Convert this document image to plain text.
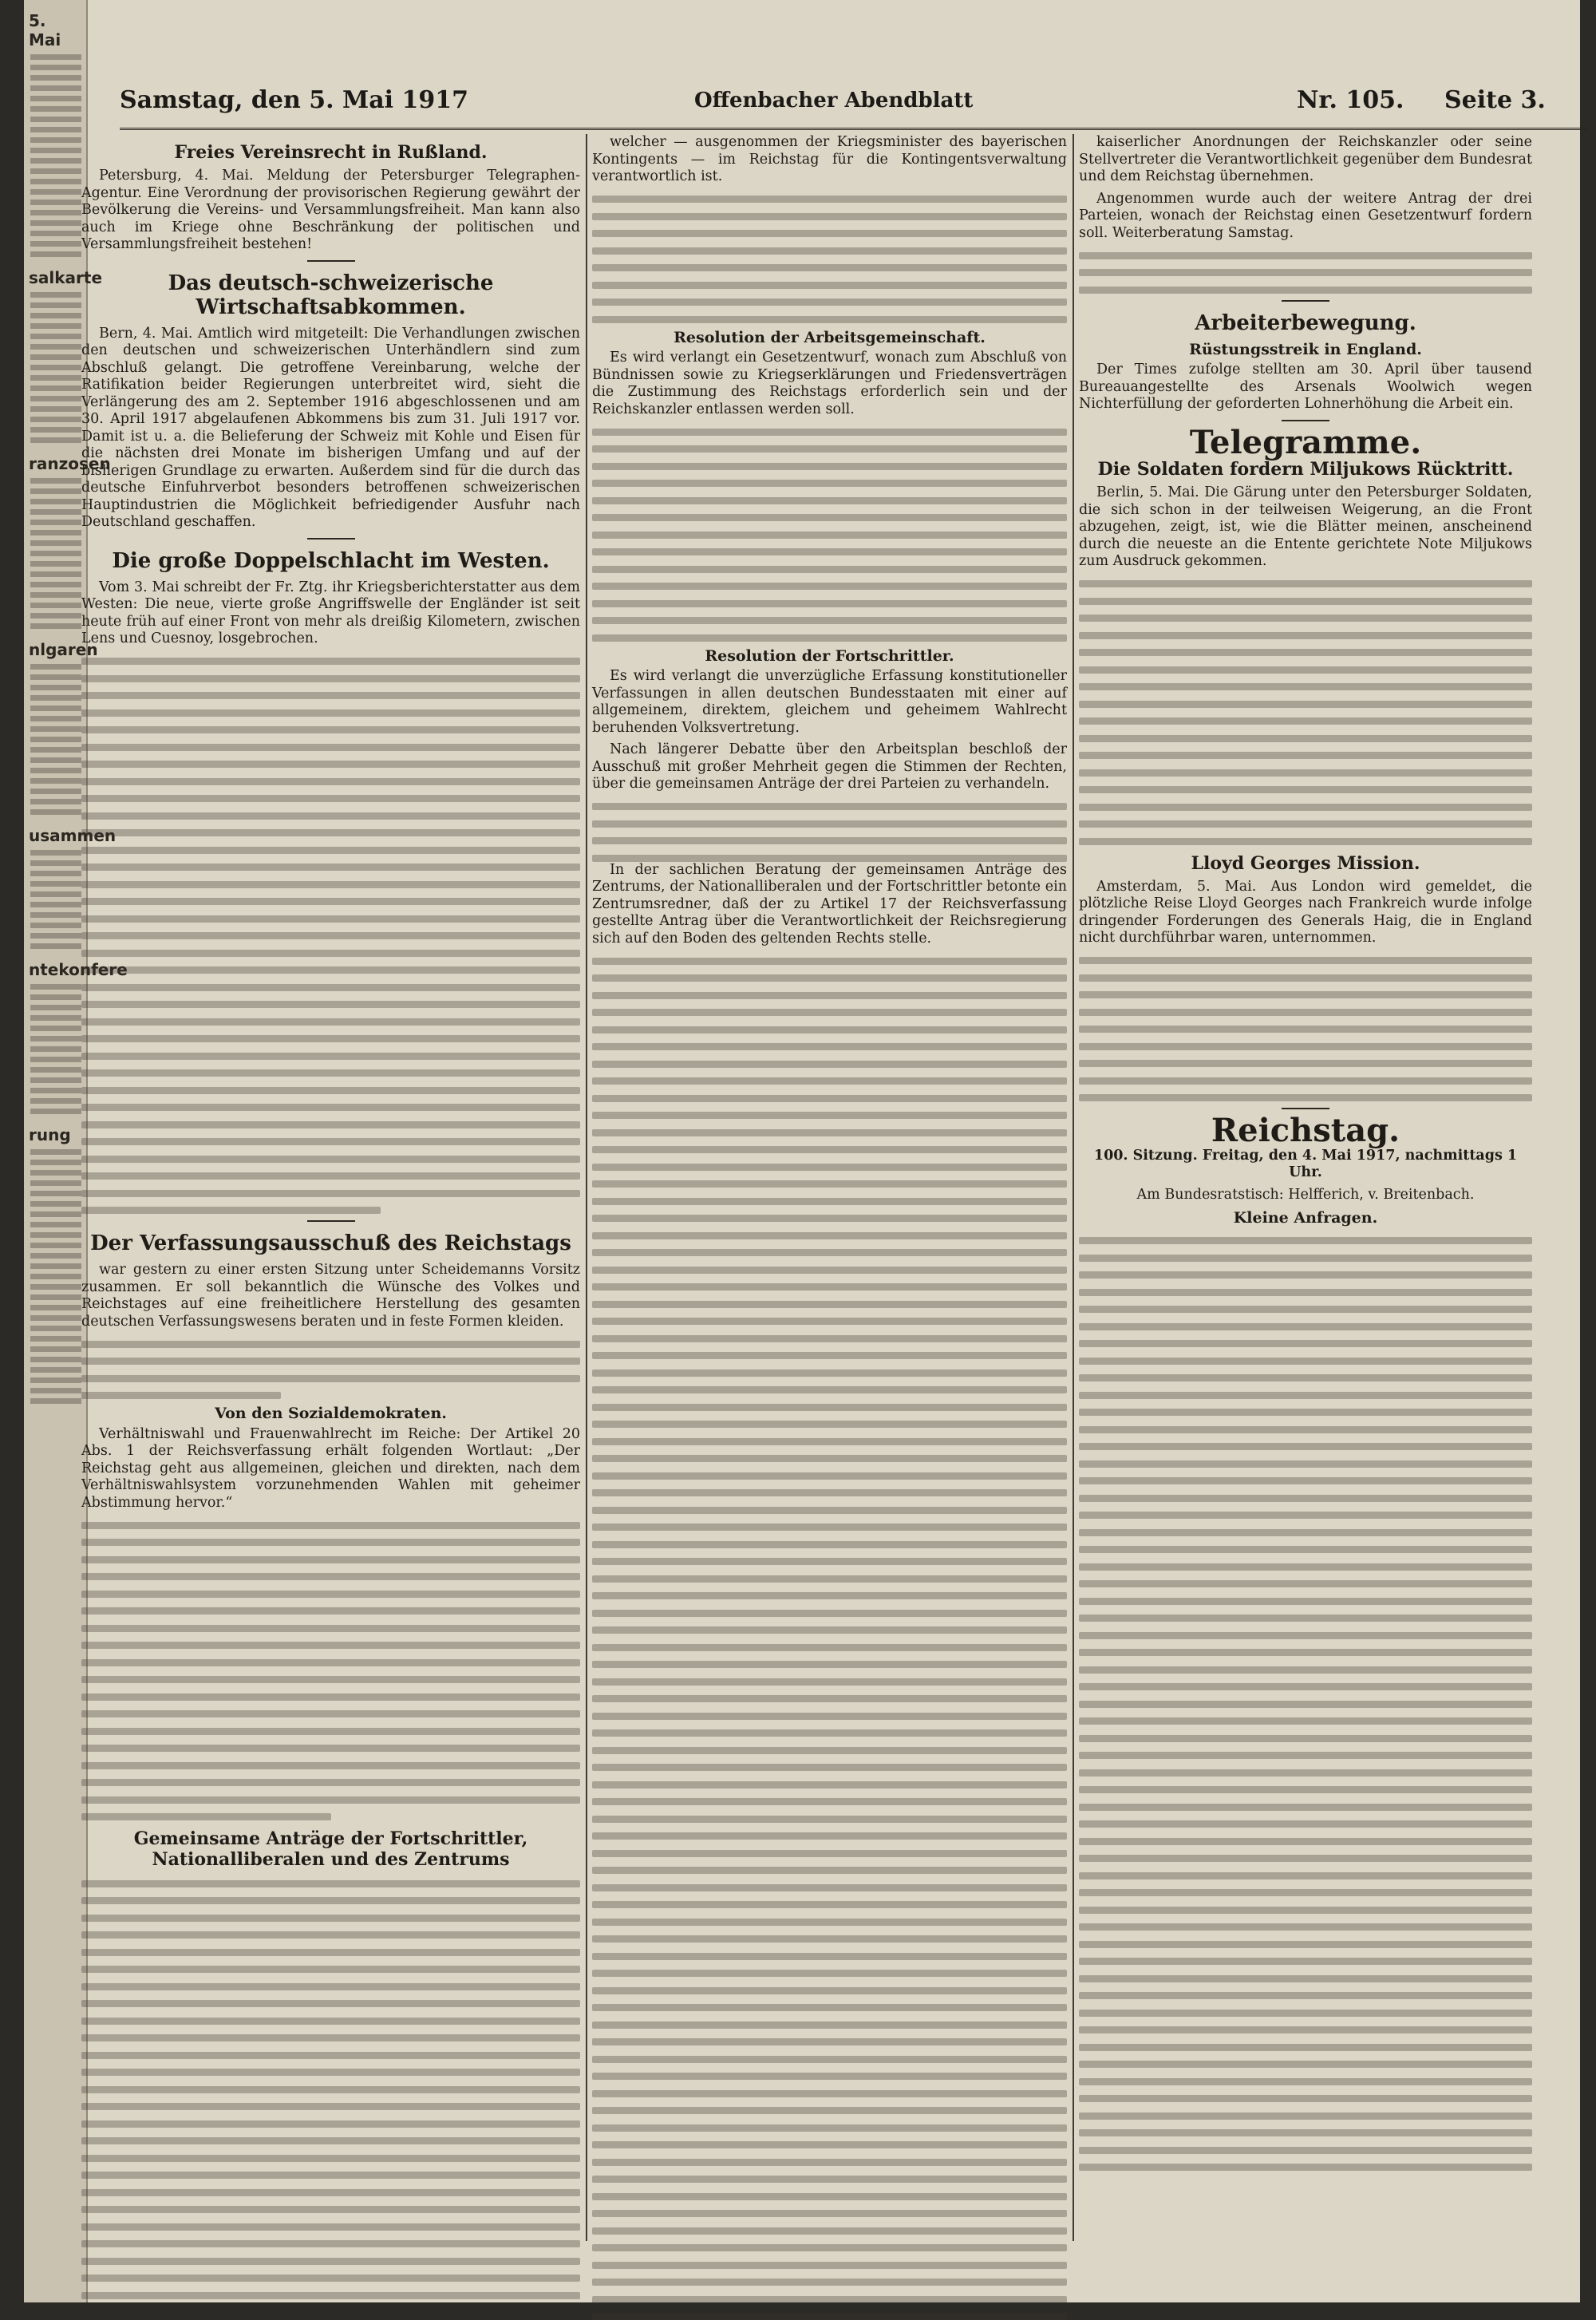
5. Mai
salkarte
ranzosen
nlgaren
usammen
ntekonfere
rung
Samstag, den 5. Mai 1917	Offenbacher Abendblatt	Nr. 105. Seite 3.
Freies Vereinsrecht in Rußland.

Petersburg, 4. Mai. Meldung der Petersburger Telegraphen-Agentur. Eine Verordnung der provisorischen Regierung gewährt der Bevölkerung die Vereins- und Versammlungsfreiheit. Man kann also auch im Kriege ohne Beschränkung der politischen und Versammlungsfreiheit bestehen!

Das deutsch-schweizerische Wirtschaftsabkommen.

Bern, 4. Mai. Amtlich wird mitgeteilt: Die Verhandlungen zwischen den deutschen und schweizerischen Unterhändlern sind zum Abschluß gelangt. Die getroffene Vereinbarung, welche der Ratifikation beider Regierungen unterbreitet wird, sieht die Verlängerung des am 2. September 1916 abgeschlossenen und am 30. April 1917 abgelaufenen Abkommens bis zum 31. Juli 1917 vor. Damit ist u. a. die Belieferung der Schweiz mit Kohle und Eisen für die nächsten drei Monate im bisherigen Umfang und auf der bisherigen Grundlage zu erwarten. Außerdem sind für die durch das deutsche Einfuhrverbot besonders betroffenen schweizerischen Hauptindustrien die Möglichkeit befriedigender Ausfuhr nach Deutschland geschaffen.

Die große Doppelschlacht im Westen.

Vom 3. Mai schreibt der Fr. Ztg. ihr Kriegsberichterstatter aus dem Westen: Die neue, vierte große Angriffswelle der Engländer ist seit heute früh auf einer Front von mehr als dreißig Kilometern, zwischen Lens und Cuesnoy, losgebrochen.

Der Verfassungsausschuß des Reichstags

war gestern zu einer ersten Sitzung unter Scheidemanns Vorsitz zusammen. Er soll bekanntlich die Wünsche des Volkes und Reichstages auf eine freiheitlichere Herstellung des gesamten deutschen Verfassungswesens beraten und in feste Formen kleiden.

Von den Sozialdemokraten.

Verhältniswahl und Frauenwahlrecht im Reiche: Der Artikel 20 Abs. 1 der Reichsverfassung erhält folgenden Wortlaut: „Der Reichstag geht aus allgemeinen, gleichen und direkten, nach dem Verhältniswahlsystem vorzunehmenden Wahlen mit geheimer Abstimmung hervor.“

Gemeinsame Anträge der Fortschrittler, Nationalliberalen und des Zentrums

welcher — ausgenommen der Kriegsminister des bayerischen Kontingents — im Reichstag für die Kontingentsverwaltung verantwortlich ist.

Resolution der Arbeitsgemeinschaft.

Es wird verlangt ein Gesetzentwurf, wonach zum Abschluß von Bündnissen sowie zu Kriegserklärungen und Friedensverträgen die Zustimmung des Reichstags erforderlich sein und der Reichskanzler entlassen werden soll.

Resolution der Fortschrittler.

Es wird verlangt die unverzügliche Erfassung konstitutioneller Verfassungen in allen deutschen Bundesstaaten mit einer auf allgemeinem, direktem, gleichem und geheimem Wahlrecht beruhenden Volksvertretung.

Nach längerer Debatte über den Arbeitsplan beschloß der Ausschuß mit großer Mehrheit gegen die Stimmen der Rechten, über die gemeinsamen Anträge der drei Parteien zu verhandeln.

In der sachlichen Beratung der gemeinsamen Anträge des Zentrums, der Nationalliberalen und der Fortschrittler betonte ein Zentrumsredner, daß der zu Artikel 17 der Reichsverfassung gestellte Antrag über die Verantwortlichkeit der Reichsregierung sich auf den Boden des geltenden Rechts stelle.

kaiserlicher Anordnungen der Reichskanzler oder seine Stellvertreter die Verantwortlichkeit gegenüber dem Bundesrat und dem Reichstag übernehmen.

Angenommen wurde auch der weitere Antrag der drei Parteien, wonach der Reichstag einen Gesetzentwurf fordern soll. Weiterberatung Samstag.

Arbeiterbewegung.
Rüstungsstreik in England.

Der Times zufolge stellten am 30. April über tausend Bureauangestellte des Arsenals Woolwich wegen Nichterfüllung der geforderten Lohnerhöhung die Arbeit ein.

Telegramme.
Die Soldaten fordern Miljukows Rücktritt.

Berlin, 5. Mai. Die Gärung unter den Petersburger Soldaten, die sich schon in der teilweisen Weigerung, an die Front abzugehen, zeigt, ist, wie die Blätter meinen, anscheinend durch die neueste an die Entente gerichtete Note Miljukows zum Ausdruck gekommen.

Lloyd Georges Mission.

Amsterdam, 5. Mai. Aus London wird gemeldet, die plötzliche Reise Lloyd Georges nach Frankreich wurde infolge dringender Forderungen des Generals Haig, die in England nicht durchführbar waren, unternommen.

Reichstag.

100. Sitzung. Freitag, den 4. Mai 1917, nachmittags 1 Uhr.

Am Bundesratstisch: Helfferich, v. Breitenbach.

Kleine Anfragen.
